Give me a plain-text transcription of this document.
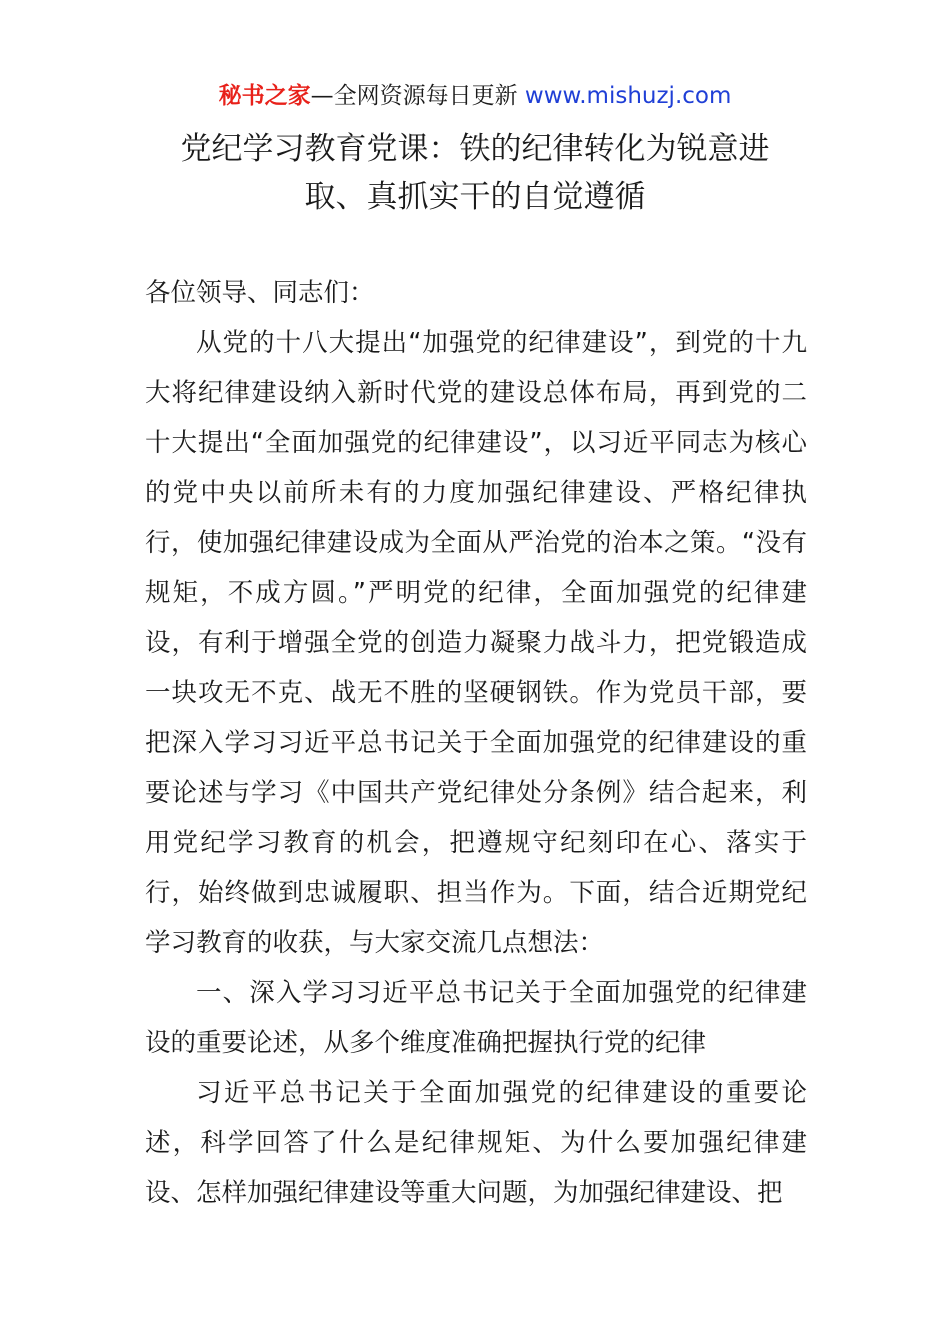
秘书之家—全网资源每日更新 www.mishuzj.com
党纪学习教育党课：铁的纪律转化为锐意进
取、真抓实干的自觉遵循

各位领导、同志们：

从党的十八大提出“加强党的纪律建设”，到党的十九大将纪律建设纳入新时代党的建设总体布局，再到党的二十大提出“全面加强党的纪律建设”，以习近平同志为核心的党中央以前所未有的力度加强纪律建设、严格纪律执行，使加强纪律建设成为全面从严治党的治本之策。“没有规矩，不成方圆。”严明党的纪律，全面加强党的纪律建设，有利于增强全党的创造力凝聚力战斗力，把党锻造成一块攻无不克、战无不胜的坚硬钢铁。作为党员干部，要把深入学习习近平总书记关于全面加强党的纪律建设的重要论述与学习《中国共产党纪律处分条例》结合起来，利用党纪学习教育的机会，把遵规守纪刻印在心、落实于行，始终做到忠诚履职、担当作为。下面，结合近期党纪学习教育的收获，与大家交流几点想法：

一、深入学习习近平总书记关于全面加强党的纪律建设的重要论述，从多个维度准确把握执行党的纪律

习近平总书记关于全面加强党的纪律建设的重要论述，科学回答了什么是纪律规矩、为什么要加强纪律建设、怎样加强纪律建设等重大问题，为加强纪律建设、把
